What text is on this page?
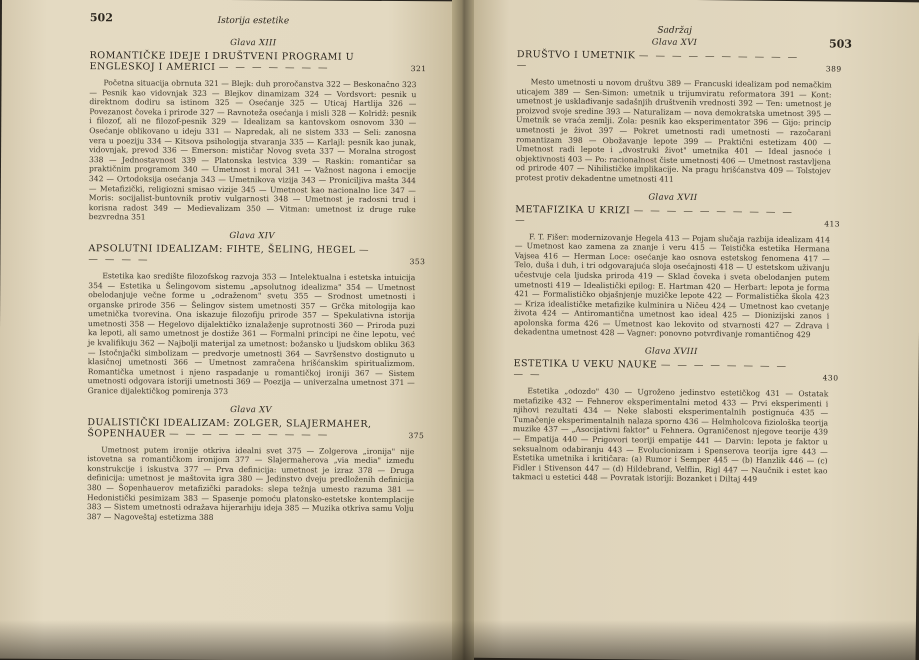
502	Istorija estetike
Glava XIII
ROMANTIČKE IDEJE I DRUŠTVENI PROGRAMI U ENGLESKOJ I AMERICI — — — — — — —	321
Početna situacija obrnuta 321 — Blejk: duh proročanstva 322 — Beskonačno 323 — Pesnik kao vidovnjak 323 — Blejkov dinamizam 324 — Vordsvort: pesnik u direktnom dodiru sa istinom 325 — Osećanje 325 — Uticaj Hartlija 326 — Povezanost čoveka i prirode 327 — Ravnoteža osećanja i misli 328 — Kolridž: pesnik i filozof, ali ne filozof-pesnik 329 — Idealizam sa kantovskom osnovom 330 — Osećanje oblikovano u ideju 331 — Napredak, ali ne sistem 333 — Seli: zanosna vera u poeziju 334 — Kitsova psihologija stvaranja 335 — Karlajl: pesnik kao junak, vidovnjak, prevod 336 — Emerson: mističar Novog sveta 337 — Moralna strogost 338 — Jednostavnost 339 — Platonska lestvica 339 — Raskin: romantičar sa praktičnim programom 340 — Umetnost i moral 341 — Važnost nagona i emocije 342 — Ortodoksija osećanja 343 — Umetnikova vizija 343 — Proniciljiva mašta 344 — Metafizički, religiozni smisao vizije 345 — Umetnost kao nacionalno lice 347 — Moris: socijalist-buntovnik protiv vulgarnosti 348 — Umetnost je radosni trud i korisna radost 349 — Medievalizam 350 — Vitman: umetnost iz druge ruke bezvredna 351
Glava XIV
APSOLUTNI IDEALIZAM: FIHTE, ŠELING, HEGEL — — — — —	353
Estetika kao središte filozofskog razvoja 353 — Intelektualna i estetska intuicija 354 — Estetika u Šelingovom sistemu „apsolutnog idealizma" 354 — Umetnost obelodanjuje večne forme u „odraženom" svetu 355 — Srodnost umetnosti i organske prirode 356 — Šelingov sistem umetnosti 357 — Grčka mitologija kao umetnička tvorevina. Ona iskazuje filozofiju prirode 357 — Spekulativna istorija umetnosti 358 — Hegelovo dijalektičko iznalaženje suprotnosti 360 — Priroda puzi ka lepoti, ali samo umetnost je dostiže 361 — Formalni principi ne čine lepotu, već je kvalifikuju 362 — Najbolji materijal za umetnost: božansko u ljudskom obliku 363 — Istočnjački simbolizam — predvorje umetnosti 364 — Savršenstvo dostignuto u klasičnoj umetnosti 366 — Umetnost zamračena hrišćanskim spiritualizmom. Romantička umetnost i njeno raspadanje u romantičkoj ironiji 367 — Sistem umetnosti odgovara istoriji umetnosti 369 — Poezija — univerzalna umetnost 371 — Granice dijalektičkog pomirenja 373
Glava XV
DUALISTIČKI IDEALIZAM: ZOLGER, SLAJERMAHER, ŠOPENHAUER — — — — — — — — — —	375
Umetnost putem ironije otkriva idealni svet 375 — Zolgerova „ironija" nije istovetna sa romantičkom ironijom 377 — Slajermaherova „via media" između konstrukcije i iskustva 377 — Prva definicija: umetnost je izraz 378 — Druga definicija: umetnost je maštovita igra 380 — Jedinstvo dveju predloženih definicija 380 — Šopenhauerov metafizički paradoks: slepa težnja umesto razuma 381 — Hedonistički pesimizam 383 — Spasenje pomoću platonsko-estetske kontemplacije 383 — Sistem umetnosti odražava hijerarhiju ideja 385 — Muzika otkriva samu Volju 387 — Nagoveštaj estetizma 388
Sadržaj
503
Glava XVI
DRUŠTVO I UMETNIK — — — — — — — — — — —	389
Mesto umetnosti u novom društvu 389 — Francuski idealizam pod nemačkim uticajem 389 — Sen-Simon: umetnik u trijumviratu reformatora 391 — Kont: umetnost je usklađivanje sadašnjih društvenih vrednosti 392 — Ten: umetnost je proizvod svoje sredine 393 — Naturalizam — nova demokratska umetnost 395 — Umetnik se vraća zemlji. Zola: pesnik kao eksperimentator 396 — Gijo: princip umetnosti je život 397 — Pokret umetnosti radi umetnosti — razočarani romantizam 398 — Obožavanje lepote 399 — Praktični estetizam 400 — Umetnost radi lepote i „dvostruki život" umetnika 401 — Ideal jasnoće i objektivnosti 403 — Po: racionalnost čiste umetnosti 406 — Umetnost rastavljena od prirode 407 — Nihilističke implikacije. Na pragu hrišćanstva 409 — Tolstojev protest protiv dekadentne umetnosti 411
Glava XVII
METAFIZIKA U KRIZI — — — — — — — — — — —	413
F. T. Fišer: modernizovanje Hegela 413 — Pojam slučaja razbija idealizam 414 — Umetnost kao zamena za znanje i veru 415 — Teistička estetika Hermana Vajsea 416 — Herman Loce: osećanje kao osnova estetskog fenomena 417 — Telo, duša i duh, i tri odgovarajuća sloja osećajnosti 418 — U estetskom uživanju učestvuje cela ljudska priroda 419 — Sklad čoveka i sveta obelodanjen putem umetnosti 419 — Idealistički epilog: E. Hartman 420 — Herbart: lepota je forma 421 — Formalističko objašnjenje muzičke lepote 422 — Formalistička škola 423 — Kriza idealističke metafizike kulminira u Ničeu 424 — Umetnost kao cvetanje života 424 — Antiromantična umetnost kao ideal 425 — Dionizijski zanos i apolonska forma 426 — Umetnost kao lekovito od stvarnosti 427 — Zdrava i dekadentna umetnost 428 — Vagner: ponovno potvrđivanje romantičnog 429
Glava XVIII
ESTETIKA U VEKU NAUKE — — — — — — — — — —	430
Estetika „odozdo" 430 — Ugroženo jedinstvo estetičkog 431 — Ostatak metafizike 432 — Fehnerov eksperimentalni metod 433 — Prvi eksperimenti i njihovi rezultati 434 — Neke slabosti eksperimentalnih postignuća 435 — Tumačenje eksperimentalnih nalaza sporno 436 — Helmholcova fiziološka teorija muzike 437 — „Asocijativni faktor" u Fehnera. Ograničenost njegove teorije 439 — Empatija 440 — Prigovori teoriji empatije 441 — Darvin: lepota je faktor u seksualnom odabiranju 443 — Evolucionizam i Spenserova teorija igre 443 — Estetika umetnika i kritičara: (a) Rumor i Semper 445 — (b) Hanzlik 446 — (c) Fidler i Stivenson 447 — (d) Hildebrand, Velflin, Rigl 447 — Naučnik i estet kao takmaci u estetici 448 — Povratak istoriji: Bozanket i Diltaj 449
